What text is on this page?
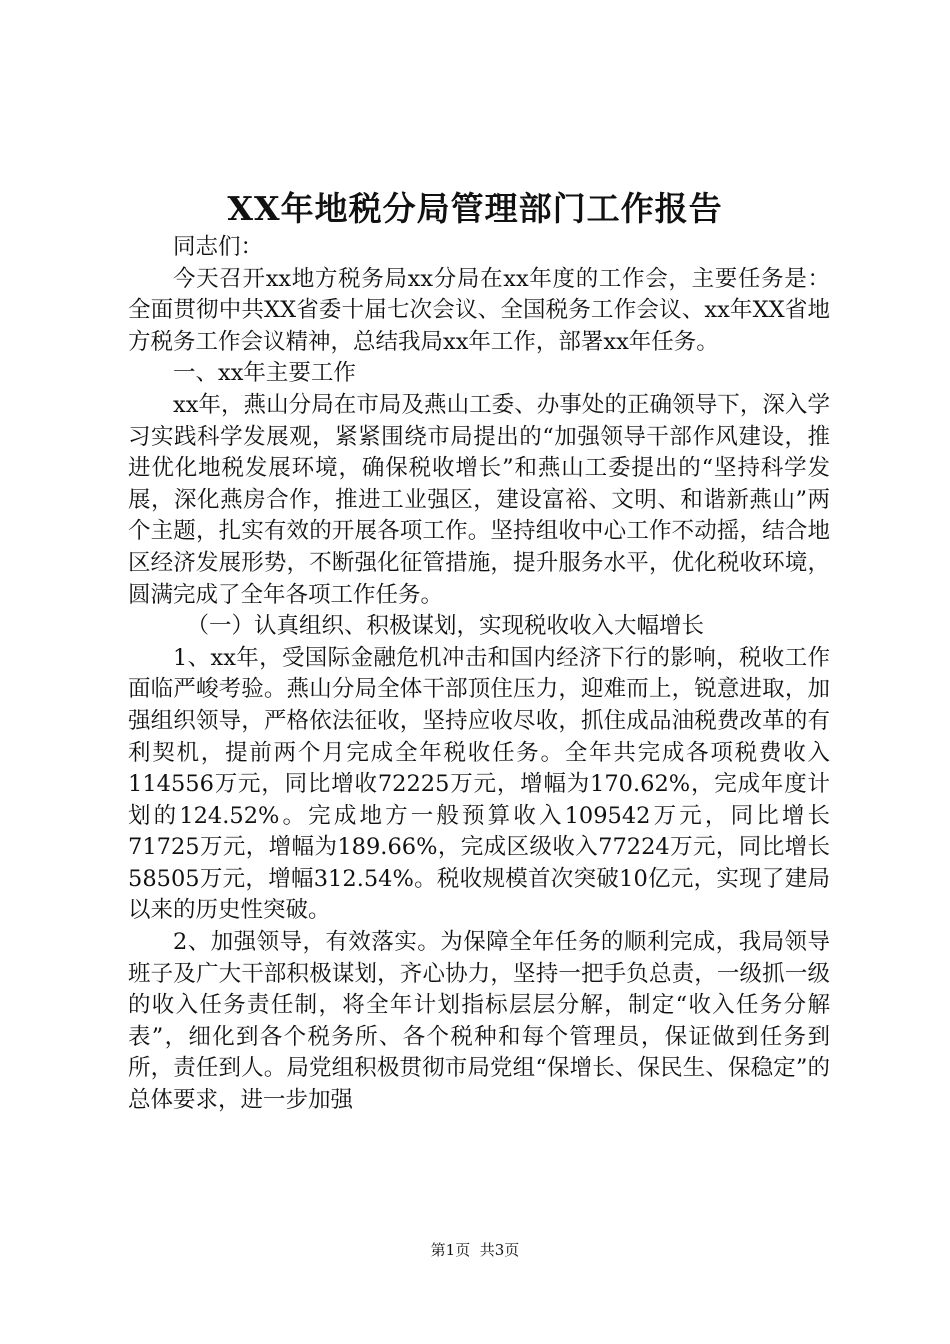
XX年地税分局管理部门工作报告

同志们：

今天召开xx地方税务局xx分局在xx年度的工作会，主要任务是：全面贯彻中共XX省委十届七次会议、全国税务工作会议、xx年XX省地方税务工作会议精神，总结我局xx年工作，部署xx年任务。

一、xx年主要工作

xx年，燕山分局在市局及燕山工委、办事处的正确领导下，深入学习实践科学发展观，紧紧围绕市局提出的“加强领导干部作风建设，推进优化地税发展环境，确保税收增长”和燕山工委提出的“坚持科学发展，深化燕房合作，推进工业强区，建设富裕、文明、和谐新燕山”两个主题，扎实有效的开展各项工作。坚持组收中心工作不动摇，结合地区经济发展形势，不断强化征管措施，提升服务水平，优化税收环境，圆满完成了全年各项工作任务。

（一）认真组织、积极谋划，实现税收收入大幅增长

1、xx年，受国际金融危机冲击和国内经济下行的影响，税收工作面临严峻考验。燕山分局全体干部顶住压力，迎难而上，锐意进取，加强组织领导，严格依法征收，坚持应收尽收，抓住成品油税费改革的有利契机，提前两个月完成全年税收任务。全年共完成各项税费收入114556万元，同比增收72225万元，增幅为170.62%，完成年度计划的124.52%。完成地方一般预算收入109542万元，同比增长71725万元，增幅为189.66%，完成区级收入77224万元，同比增长58505万元，增幅312.54%。税收规模首次突破10亿元，实现了建局以来的历史性突破。

2、加强领导，有效落实。为保障全年任务的顺利完成，我局领导班子及广大干部积极谋划，齐心协力，坚持一把手负总责，一级抓一级的收入任务责任制，将全年计划指标层层分解，制定“收入任务分解表”，细化到各个税务所、各个税种和每个管理员，保证做到任务到所，责任到人。局党组积极贯彻市局党组“保增长、保民生、保稳定”的总体要求，进一步加强

第1页 共3页
